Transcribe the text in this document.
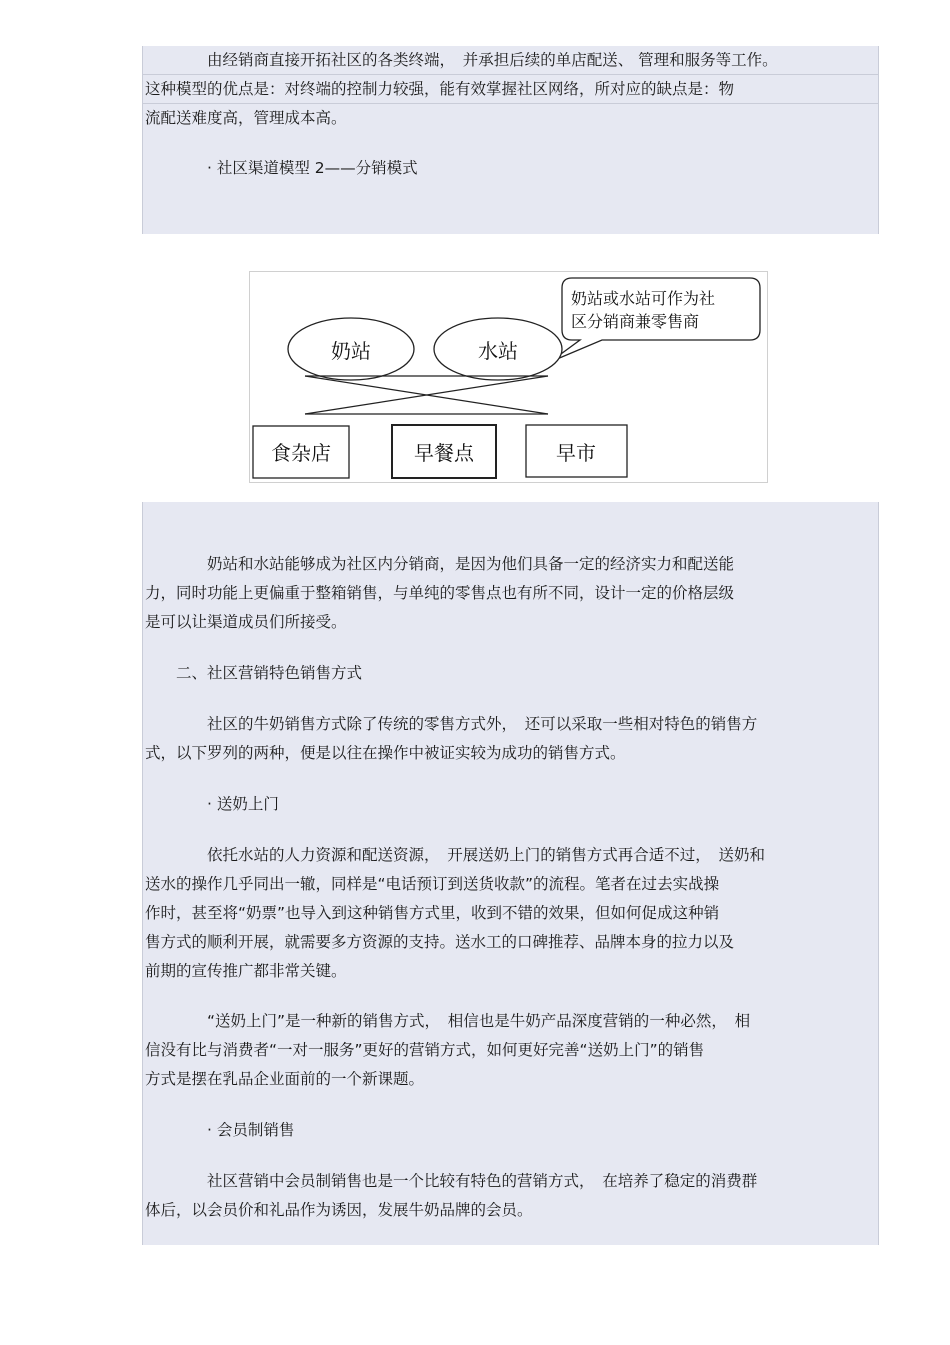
　　　　由经销商直接开拓社区的各类终端，　并承担后续的单店配送、 管理和服务等工作。
这种模型的优点是：对终端的控制力较强，能有效掌握社区网络，所对应的缺点是：物
流配送难度高，管理成本高。
　　　　· 社区渠道模型 2——分销模式
奶站或水站可作为社
区分销商兼零售商
奶站	水站
食杂店	早餐点	早市
　　　　奶站和水站能够成为社区内分销商，是因为他们具备一定的经济实力和配送能
力，同时功能上更偏重于整箱销售，与单纯的零售点也有所不同，设计一定的价格层级
是可以让渠道成员们所接受。
　　二、社区营销特色销售方式
　　　　社区的牛奶销售方式除了传统的零售方式外，　还可以采取一些相对特色的销售方
式，以下罗列的两种，便是以往在操作中被证实较为成功的销售方式。
　　　　· 送奶上门
　　　　依托水站的人力资源和配送资源，　开展送奶上门的销售方式再合适不过，　送奶和
送水的操作几乎同出一辙，同样是“电话预订到送货收款”的流程。笔者在过去实战操
作时，甚至将“奶票”也导入到这种销售方式里，收到不错的效果，但如何促成这种销
售方式的顺利开展，就需要多方资源的支持。送水工的口碑推荐、品牌本身的拉力以及
前期的宣传推广都非常关键。
　　　　“送奶上门”是一种新的销售方式，　相信也是牛奶产品深度营销的一种必然，　相
信没有比与消费者“一对一服务”更好的营销方式，如何更好完善“送奶上门”的销售
方式是摆在乳品企业面前的一个新课题。
　　　　· 会员制销售
　　　　社区营销中会员制销售也是一个比较有特色的营销方式，　在培养了稳定的消费群
体后，以会员价和礼品作为诱因，发展牛奶品牌的会员。
